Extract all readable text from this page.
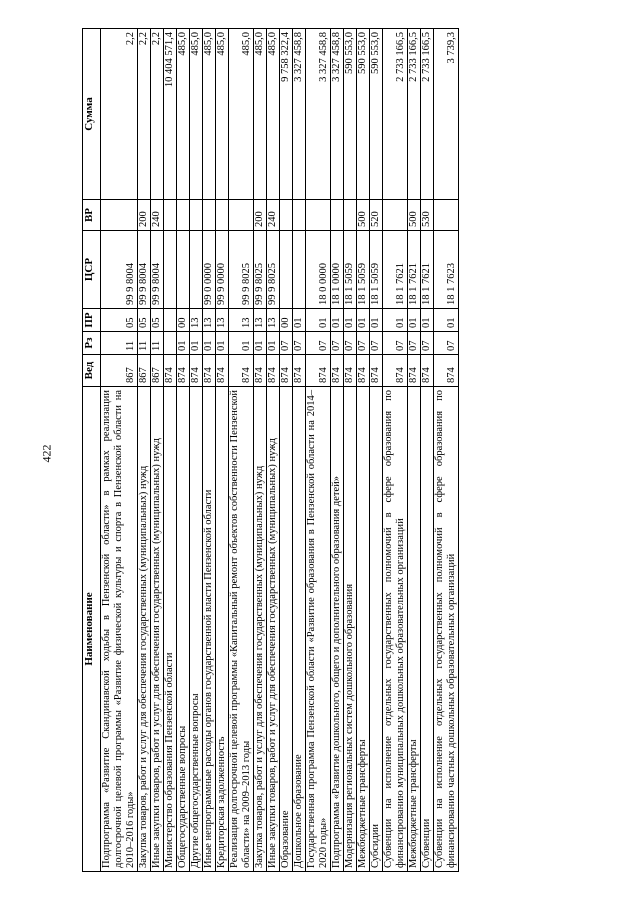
422
Наименование	Вед	Рз	ПР	ЦСР	ВР	Сумма
Подпрограмма «Развитие Скандинавской ходьбы в Пензенской области» в рамках реализации долгосрочной целевой программы «Развитие физической культуры и спорта в Пензенской области на 2010–2016 годы»	867	11	05	99 9 8004		2,2
Закупка товаров, работ и услуг для обеспечения государственных (муниципальных) нужд	867	11	05	99 9 8004	200	2,2
Иные закупки товаров, работ и услуг для обеспечения государственных (муниципальных) нужд	867	11	05	99 9 8004	240	2,2
Министерство образования Пензенской области	874					10 404 571,4
Общегосударственные вопросы	874	01	00			485,0
Другие общегосударственные вопросы	874	01	13			485,0
Иные непрограммные расходы органов государственной власти Пензенской области	874	01	13	99 0 0000		485,0
Кредиторская задолженность	874	01	13	99 9 0000		485,0
Реализация долгосрочной целевой программы «Капитальный ремонт объектов собственности Пензенской области» на 2009–2013 годы	874	01	13	99 9 8025		485,0
Закупка товаров, работ и услуг для обеспечения государственных (муниципальных) нужд	874	01	13	99 9 8025	200	485,0
Иные закупки товаров, работ и услуг для обеспечения государственных (муниципальных) нужд	874	01	13	99 9 8025	240	485,0
Образование	874	07	00			9 758 322,4
Дошкольное образование	874	07	01			3 327 458,8
Государственная программа Пензенской области «Развитие образования в Пензенской области на 2014–2020 годы»	874	07	01	18 0 0000		3 327 458,8
Подпрограмма «Развитие дошкольного, общего и дополнительного образования детей»	874	07	01	18 1 0000		3 327 458,8
Модернизация региональных систем дошкольного образования	874	07	01	18 1 5059		590 553,0
Межбюджетные трансферты	874	07	01	18 1 5059	500	590 553,0
Субсидии	874	07	01	18 1 5059	520	590 553,0
Субвенции на исполнение отдельных государственных полномочий в сфере образования по финансированию муниципальных дошкольных образовательных организаций	874	07	01	18 1 7621		2 733 166,5
Межбюджетные трансферты	874	07	01	18 1 7621	500	2 733 166,5
Субвенции	874	07	01	18 1 7621	530	2 733 166,5
Субвенции на исполнение отдельных государственных полномочий в сфере образования по финансированию частных дошкольных образовательных организаций	874	07	01	18 1 7623		3 739,3
